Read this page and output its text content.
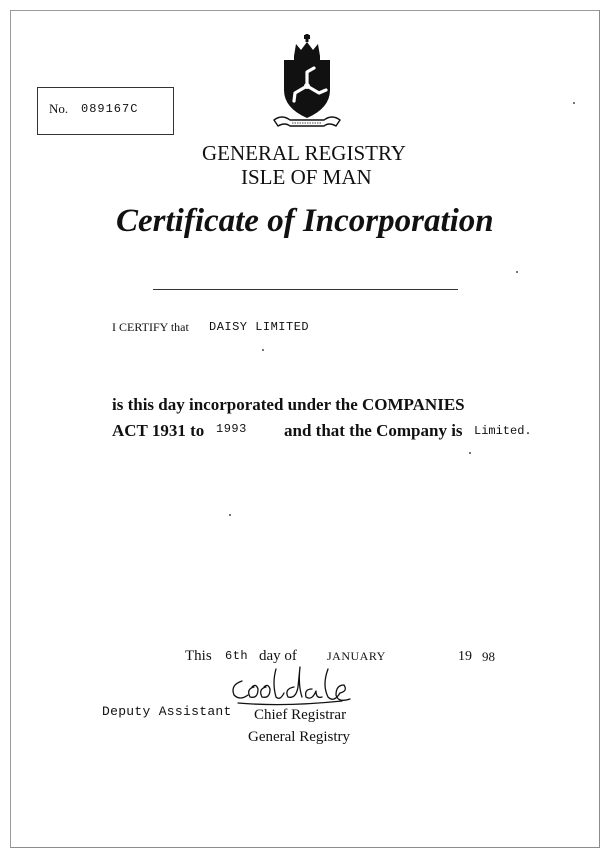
No. 089167C
GENERAL REGISTRY
ISLE OF MAN
Certificate of Incorporation
I CERTIFY that DAISY LIMITED
is this day incorporated under the COMPANIES
ACT 1931 to 1993 and that the Company is Limited.
This 6th day of	JANUARY	19 98
Deputy Assistant Chief Registrar
General Registry
